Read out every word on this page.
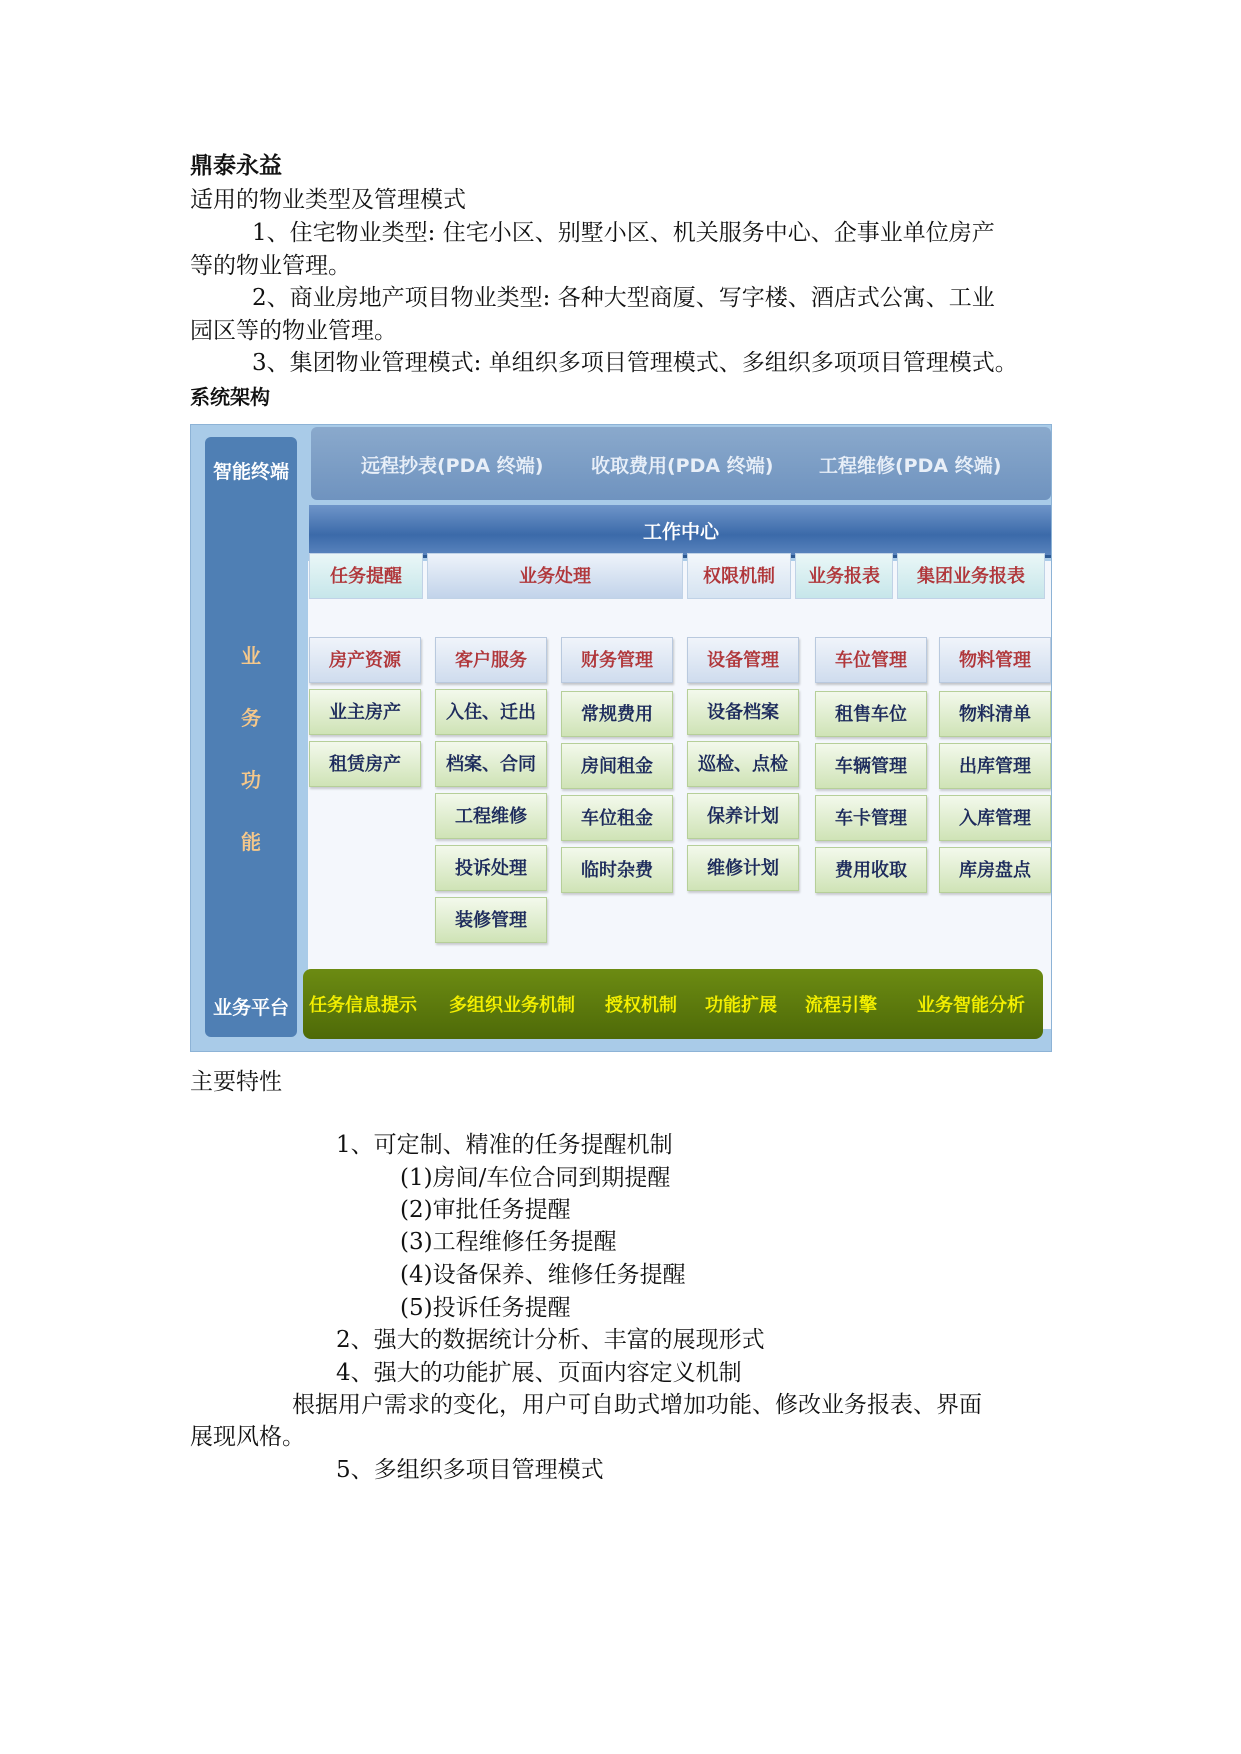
鼎泰永益
适用的物业类型及管理模式
1、住宅物业类型: 住宅小区、别墅小区、机关服务中心、企事业单位房产
等的物业管理。
2、商业房地产项目物业类型: 各种大型商厦、写字楼、酒店式公寓、工业
园区等的物业管理。
3、集团物业管理模式: 单组织多项目管理模式、多组织多项项目管理模式。
系统架构
智能终端
业
务
功
能
业务平台
远程抄表(PDA 终端)	收取费用(PDA 终端) 工程维修(PDA 终端)
工作中心
任务提醒	业务处理	权限机制	业务报表	集团业务报表
房产资源
业主房产
租赁房产
客户服务
入住、迁出
档案、合同
工程维修
投诉处理
装修管理
财务管理
常规费用
房间租金
车位租金
临时杂费
设备管理
设备档案
巡检、点检
保养计划
维修计划
车位管理
租售车位
车辆管理
车卡管理
费用收取
物料管理
物料清单
出库管理
入库管理
库房盘点
任务信息提示 多组织业务机制 授权机制 功能扩展 流程引擎 业务智能分析
主要特性
1、可定制、精准的任务提醒机制
(1)房间/车位合同到期提醒
(2)审批任务提醒
(3)工程维修任务提醒
(4)设备保养、维修任务提醒
(5)投诉任务提醒
2、强大的数据统计分析、丰富的展现形式
4、强大的功能扩展、页面内容定义机制
根据用户需求的变化，用户可自助式增加功能、修改业务报表、界面
展现风格。
5、多组织多项目管理模式
